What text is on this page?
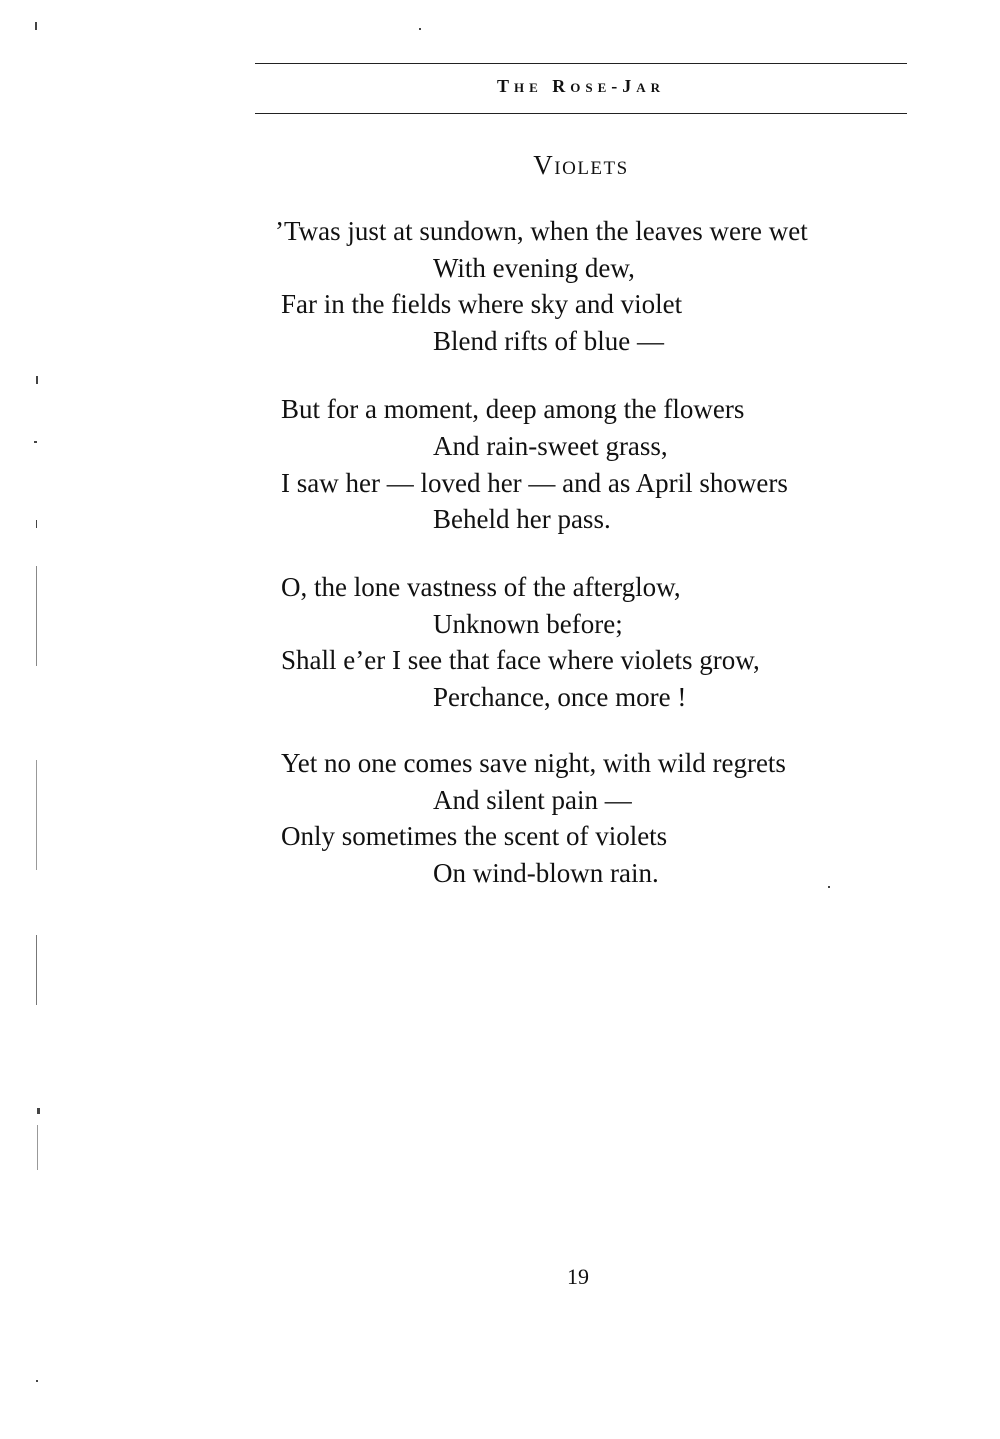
The Rose-Jar
Violets
’Twas just at sundown, when the leaves were wet
With evening dew,
Far in the fields where sky and violet
Blend rifts of blue —
But for a moment, deep among the flowers
And rain-sweet grass,
I saw her — loved her — and as April showers
Beheld her pass.
O, the lone vastness of the afterglow,
Unknown before;
Shall e’er I see that face where violets grow,
Perchance, once more !
Yet no one comes save night, with wild regrets
And silent pain —
Only sometimes the scent of violets
On wind-blown rain.
19
